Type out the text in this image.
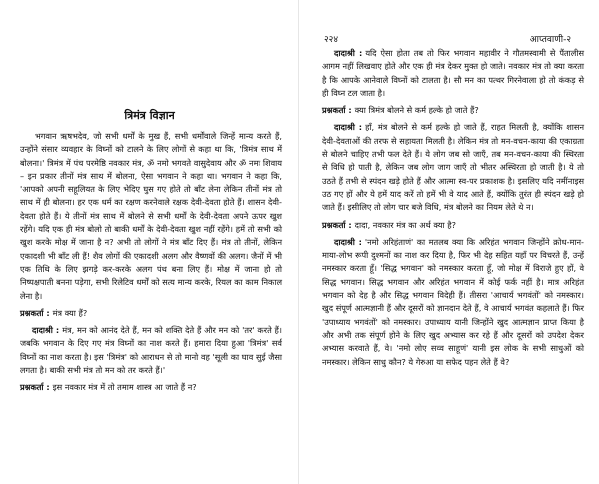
त्रिमंत्र विज्ञान

भगवान ऋषभदेव, जो सभी धर्मों के मुख हैं, सभी धर्मोंवाले जिन्हें मान्य करते हैं, उन्होंने संसार व्यवहार के विघ्नों को टालने के लिए लोगों से कहा था कि, 'त्रिमंत्र साथ में बोलना।' त्रिमंत्र में पंच परमेष्ठि नवकार मंत्र, ॐ नमो भगवते वासुदेवाय और ॐ नमः शिवाय – इन प्रकार तीनों मंत्र साथ में बोलना, ऐसा भगवान ने कहा था। भगवान ने कहा कि, 'आपको अपनी सहूलियत के लिए भेदिए घुस गए होते तो बाँट लेना लेकिन तीनों मंत्र तो साथ में ही बोलना। हर एक धर्म का रक्षण करनेवाले रक्षक देवी-देवता होते हैं। शासन देवी-देवता होते हैं। ये तीनों मंत्र साथ में बोलने से सभी धर्मों के देवी-देवता अपने ऊपर खुश रहेंगे। यदि एक ही मंत्र बोलो तो बाकी धर्मों के देवी-देवता खुश नहीं रहेंगे। हमें तो सभी को खुश करके मोक्ष में जाना है न? अभी तो लोगों ने मंत्र बाँट दिए हैं। मंत्र तो तीनों, लेकिन एकादशी भी बाँट ली हैं! शैव लोगों की एकादशी अलग और वैष्णवों की अलग। जैनों में भी एक तिथि के लिए झगड़े कर-करके अलग पंथ बना लिए हैं। मोक्ष में जाना हो तो निष्पक्षपाती बनना पड़ेगा, सभी रिलेटिव धर्मों को सत्य मान्य करके, रियल का काम निकाल लेना है।

प्रश्नकर्ता : मंत्र क्या हैं?

दादाश्री : मंत्र, मन को आनंद देते हैं, मन को शक्ति देते हैं और मन को 'तर' करते हैं। जबकि भगवान के दिए गए मंत्र विघ्नों का नाश करते हैं। हमारा दिया हुआ 'त्रिमंत्र' सर्व विघ्नों का नाश करता है। इस 'त्रिमंत्र' को आराधन से तो मानो वह 'सूली का घाव सुई जैसा लगता है। बाकी सभी मंत्र तो मन को तर करते हैं।'

प्रश्नकर्ता : इस नवकार मंत्र में तो तमाम शास्त्र आ जाते हैं न?

२२४	आप्तवाणी-२

दादाश्री : यदि ऐसा होता तब तो फिर भगवान महावीर ने गौतमस्वामी से पैंतालीस आगम नहीं लिखवाए होते और एक ही मंत्र देकर मुक्त हो जाते। नवकार मंत्र तो क्या करता है कि आपके आनेवाले विघ्नों को टालता है। सौ मन का पत्थर गिरनेवाला हो तो कंकड़ से ही विघ्न टल जाता है।

प्रश्नकर्ता : क्या त्रिमंत्र बोलने से कर्म हल्के हो जाते हैं?

दादाश्री : हाँ, मंत्र बोलने से कर्म हल्के हो जाते हैं, राहत मिलती है, क्योंकि शासन देवी-देवताओं की तरफ से सहायता मिलती है। लेकिन मंत्र तो मन-वचन-काया की एकाग्रता से बोलने चाहिए तभी फल देते हैं। ये लोग जब सो जाएँ, तब मन-वचन-काया की स्थिरता से विधि हो पाती है, लेकिन जब लोग जाग जाएँ तो भीतर अस्थिरता हो जाती है। ये तो उठते हैं तभी से स्पंदन खड़े होते हैं और आत्मा स्व-पर प्रकाशक है। इसलिए यदि नमींनाइस उठ गए हों और ये हमें याद करें तो हमें भी वे याद आते हैं, क्योंकि तुरंत ही स्पंदन खड़े हो जाते हैं। इसीलिए तो लोग चार बजे विधि, मंत्र बोलने का नियम लेते थे न।

प्रश्नकर्ता : दादा, नवकार मंत्र का अर्थ क्या है?

दादाश्री : 'नमो अरिहंताणं' का मतलब क्या कि अरिहंत भगवान जिन्होंने क्रोध-मान-माया-लोभ रूपी दुश्मनों का नाश कर दिया है, फिर भी देह सहित यहाँ पर विचरते हैं, उन्हें नमस्कार करता हूँ। 'सिद्ध भगवान' को नमस्कार करता हूँ, जो मोक्ष में विराजे हुए हों, वे सिद्ध भगवान। सिद्ध भगवान और अरिहंत भगवान में कोई फर्क नहीं है। मात्र अरिहंत भगवान को देह है और सिद्ध भगवान विदेही हैं। तीसरा 'आचार्य भगवंतों' को नमस्कार। खुद संपूर्ण आत्मज्ञानी हैं और दूसरों को ज्ञानदान देते हैं, वे आचार्य भगवंत कहलाते हैं। फिर 'उपाध्याय भगवंतों' को नमस्कार। उपाध्याय यानी जिन्होंने खुद आत्मज्ञान प्राप्त किया है और अभी तक संपूर्ण होने के लिए खुद अभ्यास कर रहे हैं और दूसरों को उपदेश देकर अभ्यास करवाते हैं, वे। 'नमो लोए सव्व साहूणं' यानी इस लोक के सभी साधुओं को नमस्कार। लेकिन साधु कौन? ये गेरुआ या सफेद पहन लेते हैं वे?
